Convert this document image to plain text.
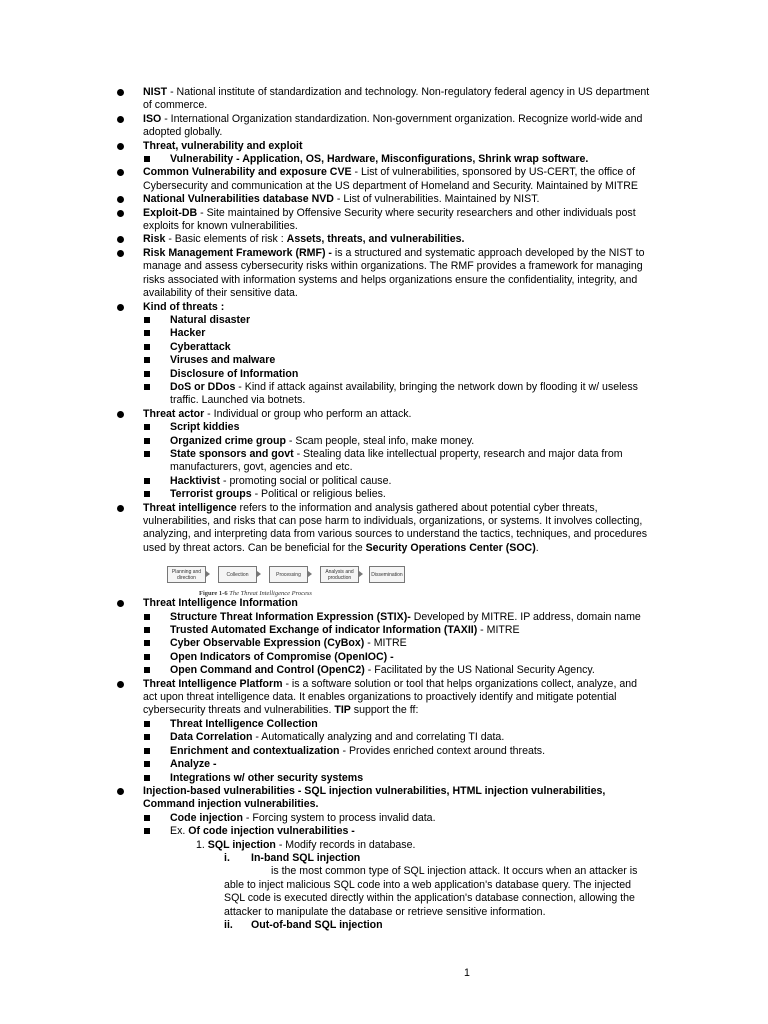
NIST - National institute of standardization and technology. Non-regulatory federal agency in US department of commerce.
ISO - International Organization standardization. Non-government organization. Recognize world-wide and adopted globally.
Threat, vulnerability and exploit
Vulnerability - Application, OS, Hardware, Misconfigurations, Shrink wrap software.
Common Vulnerability and exposure CVE - List of vulnerabilities, sponsored by US-CERT, the office of Cybersecurity and communication at the US department of Homeland and Security. Maintained by MITRE
National Vulnerabilities database NVD - List of vulnerabilities. Maintained by NIST.
Exploit-DB - Site maintained by Offensive Security where security researchers and other individuals post exploits for known vulnerabilities.
Risk - Basic elements of risk : Assets, threats, and vulnerabilities.
Risk Management Framework (RMF) - is a structured and systematic approach developed by the NIST to manage and assess cybersecurity risks within organizations. The RMF provides a framework for managing risks associated with information systems and helps organizations ensure the confidentiality, integrity, and availability of their sensitive data.
Kind of threats :
Natural disaster
Hacker
Cyberattack
Viruses and malware
Disclosure of Information
DoS or DDos - Kind if attack against availability, bringing the network down by flooding it w/ useless traffic. Launched via botnets.
Threat actor - Individual or group who perform an attack.
Script kiddies
Organized crime group - Scam people, steal info, make money.
State sponsors and govt - Stealing data like intellectual property, research and major data from manufacturers, govt, agencies and etc.
Hacktivist - promoting social or political cause.
Terrorist groups - Political or religious belies.
Threat intelligence refers to the information and analysis gathered about potential cyber threats, vulnerabilities, and risks that can pose harm to individuals, organizations, or systems. It involves collecting, analyzing, and interpreting data from various sources to understand the tactics, techniques, and procedures used by threat actors. Can be beneficial for the Security Operations Center (SOC).
Threat Intelligence Information
Structure Threat Information Expression (STIX)- Developed by MITRE. IP address, domain name
Trusted Automated Exchange of indicator Information (TAXII) - MITRE
Cyber Observable Expression (CyBox) - MITRE
Open Indicators of Compromise (OpenIOC) -
Open Command and Control (OpenC2) - Facilitated by the US National Security Agency.
Threat Intelligence Platform - is a software solution or tool that helps organizations collect, analyze, and act upon threat intelligence data. It enables organizations to proactively identify and mitigate potential cybersecurity threats and vulnerabilities. TIP support the ff:
Threat Intelligence Collection
Data Correlation - Automatically analyzing and and correlating TI data.
Enrichment and contextualization - Provides enriched context around threats.
Analyze -
Integrations w/ other security systems
Injection-based vulnerabilities - SQL injection vulnerabilities, HTML injection vulnerabilities, Command injection vulnerabilities.
Code injection - Forcing system to process invalid data.
Ex. Of code injection vulnerabilities -
1. SQL injection - Modify records in database.
i. In-band SQL injection
is the most common type of SQL injection attack. It occurs when an attacker is able to inject malicious SQL code into a web application's database query. The injected SQL code is executed directly within the application's database connection, allowing the attacker to manipulate the database or retrieve sensitive information.
ii. Out-of-band SQL injection
Planning and direction	Collection	Processing	Analysis and production	Dissemination
Figure 1-6 The Threat Intelligence Process
1
